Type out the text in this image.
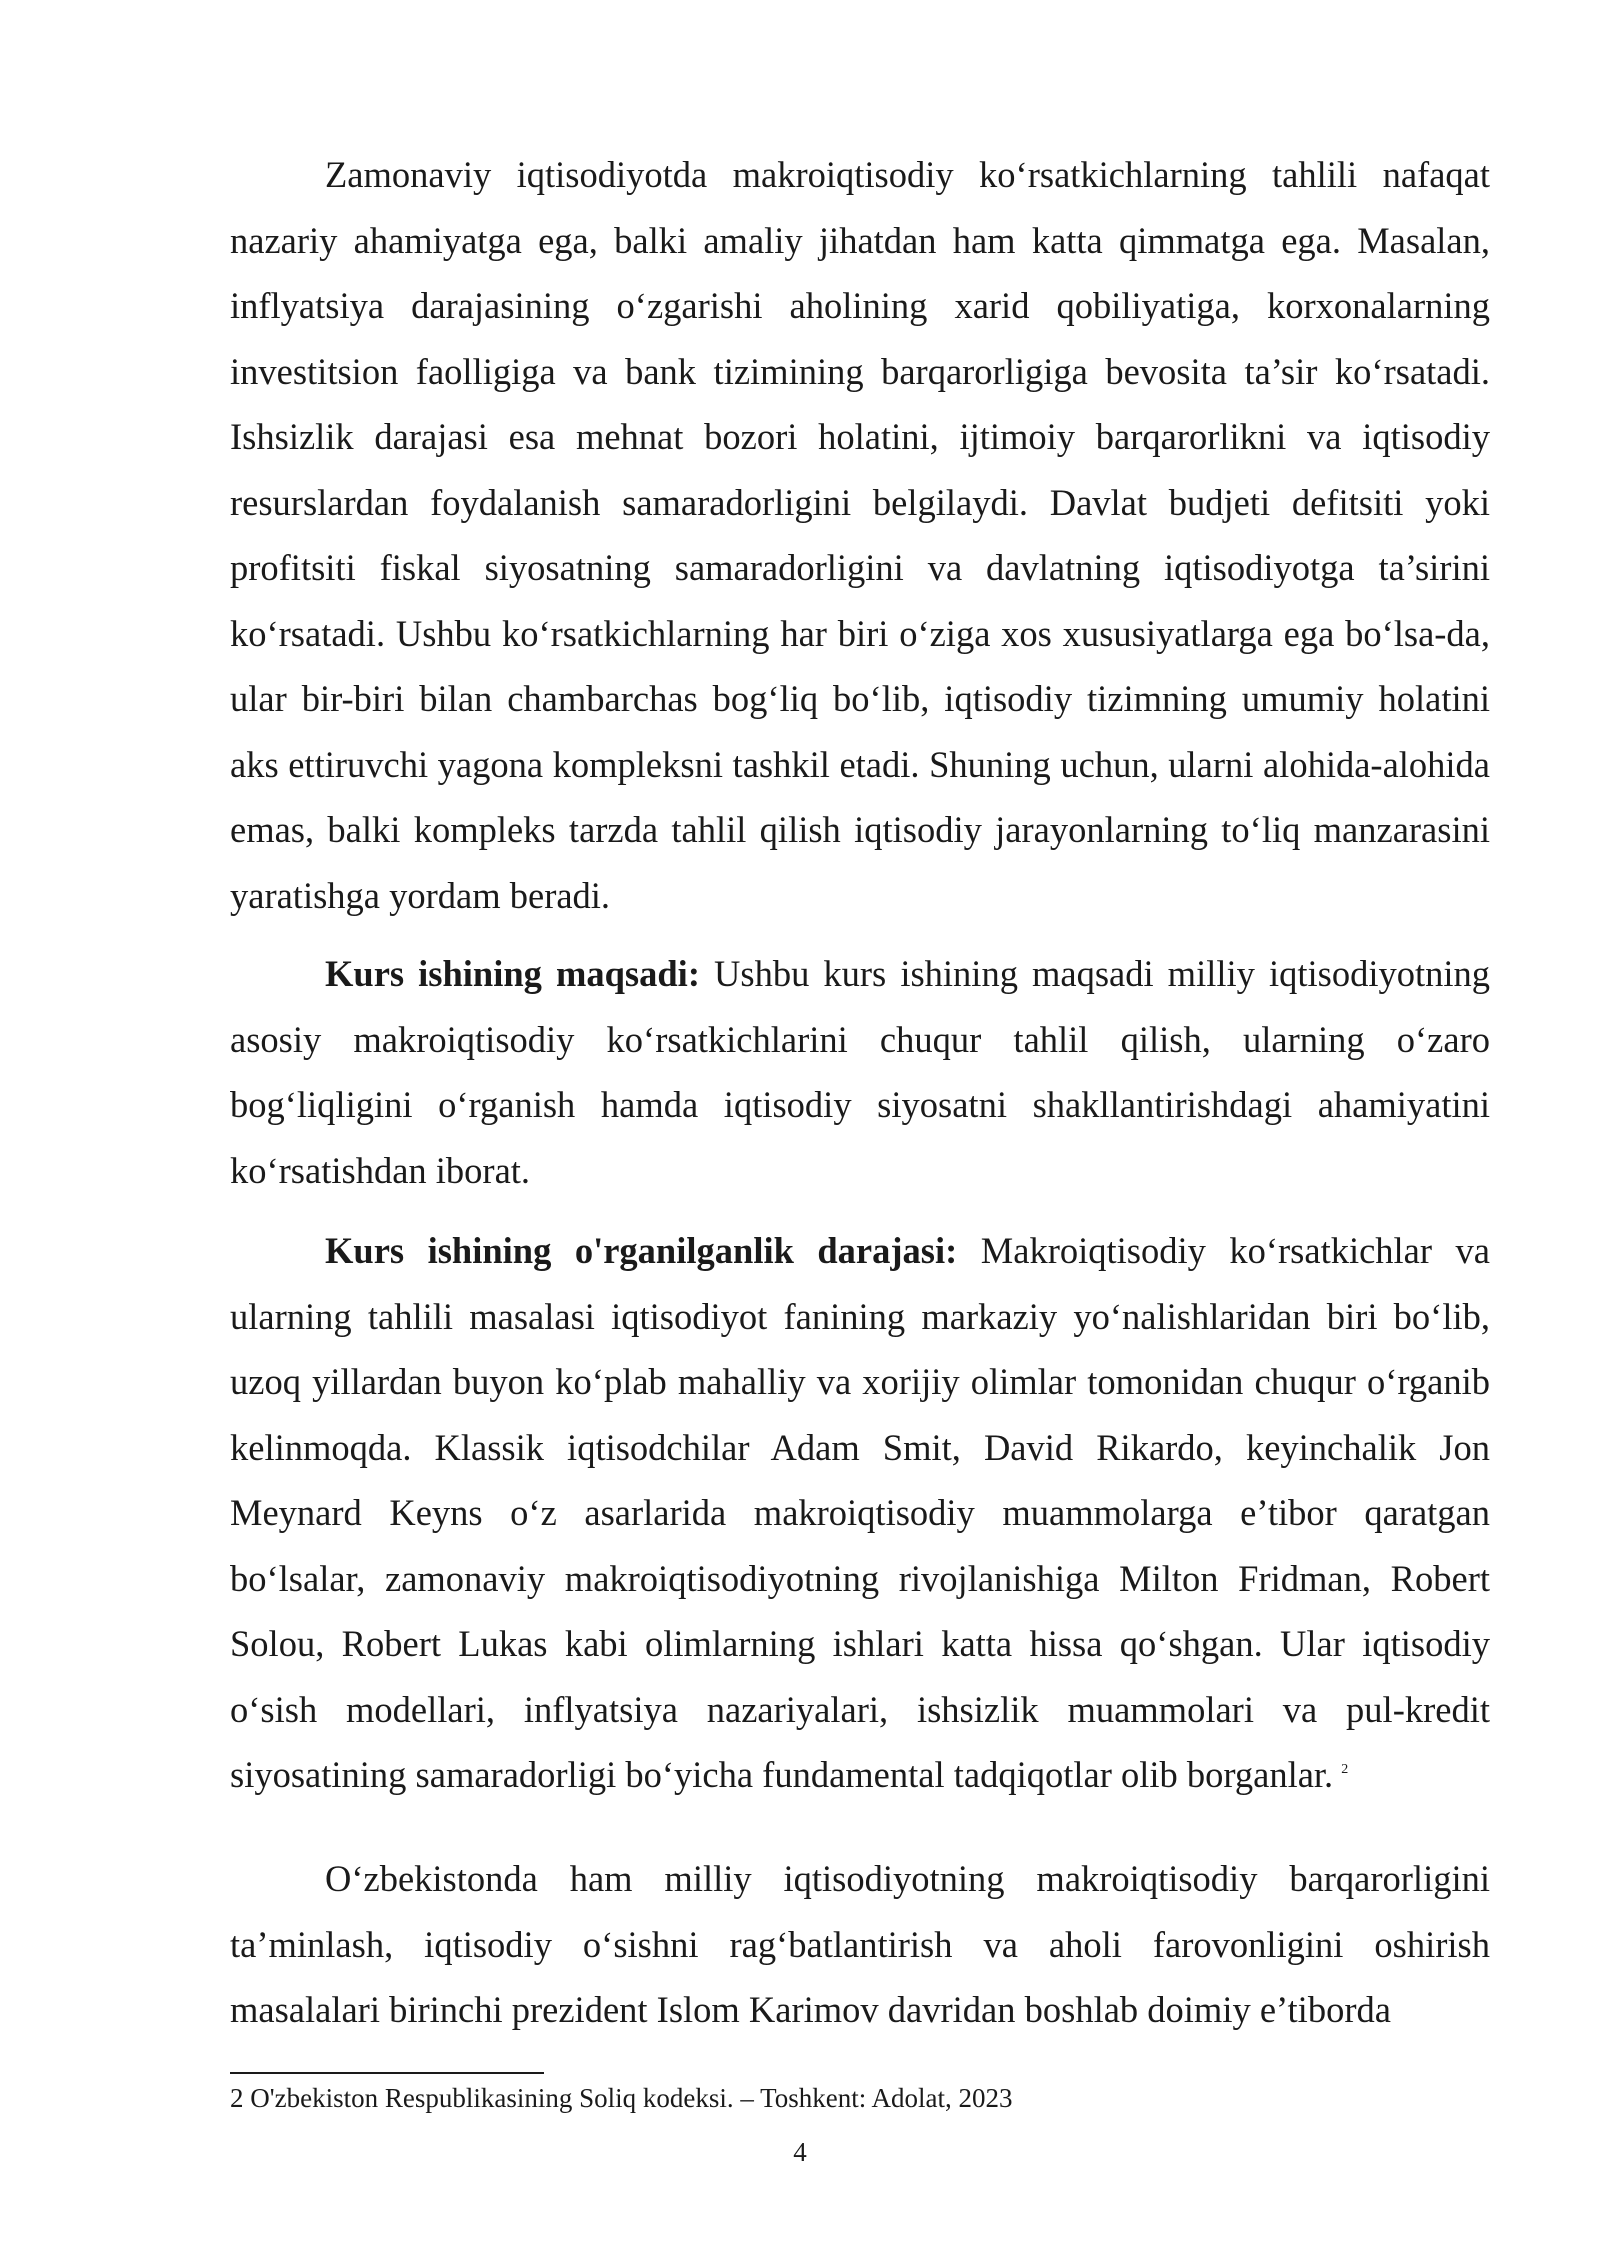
Zamonaviy iqtisodiyotda makroiqtisodiy ko‘rsatkichlarning tahlili nafaqat nazariy ahamiyatga ega, balki amaliy jihatdan ham katta qimmatga ega. Masalan, inflyatsiya darajasining o‘zgarishi aholining xarid qobiliyatiga, korxonalarning investitsion faolligiga va bank tizimining barqarorligiga bevosita ta’sir ko‘rsatadi. Ishsizlik darajasi esa mehnat bozori holatini, ijtimoiy barqarorlikni va iqtisodiy resurslardan foydalanish samaradorligini belgilaydi. Davlat budjeti defitsiti yoki profitsiti fiskal siyosatning samaradorligini va davlatning iqtisodiyotga ta’sirini ko‘rsatadi. Ushbu ko‘rsatkichlarning har biri o‘ziga xos xususiyatlarga ega bo‘lsa-da, ular bir-biri bilan chambarchas bog‘liq bo‘lib, iqtisodiy tizimning umumiy holatini aks ettiruvchi yagona kompleksni tashkil etadi. Shuning uchun, ularni alohida-alohida emas, balki kompleks tarzda tahlil qilish iqtisodiy jarayonlarning to‘liq manzarasini yaratishga yordam beradi.

Kurs ishining maqsadi: Ushbu kurs ishining maqsadi milliy iqtisodiyotning asosiy makroiqtisodiy ko‘rsatkichlarini chuqur tahlil qilish, ularning o‘zaro bog‘liqligini o‘rganish hamda iqtisodiy siyosatni shakllantirishdagi ahamiyatini ko‘rsatishdan iborat.

Kurs ishining o'rganilganlik darajasi: Makroiqtisodiy ko‘rsatkichlar va ularning tahlili masalasi iqtisodiyot fanining markaziy yo‘nalishlaridan biri bo‘lib, uzoq yillardan buyon ko‘plab mahalliy va xorijiy olimlar tomonidan chuqur o‘rganib kelinmoqda. Klassik iqtisodchilar Adam Smit, David Rikardo, keyinchalik Jon Meynard Keyns o‘z asarlarida makroiqtisodiy muammolarga e’tibor qaratgan bo‘lsalar, zamonaviy makroiqtisodiyotning rivojlanishiga Milton Fridman, Robert Solou, Robert Lukas kabi olimlarning ishlari katta hissa qo‘shgan. Ular iqtisodiy o‘sish modellari, inflyatsiya nazariyalari, ishsizlik muammolari va pul-kredit siyosatining samaradorligi bo‘yicha fundamental tadqiqotlar olib borganlar. $^2$

O‘zbekistonda ham milliy iqtisodiyotning makroiqtisodiy barqarorligini ta’minlash, iqtisodiy o‘sishni rag‘batlantirish va aholi farovonligini oshirish masalalari birinchi prezident Islom Karimov davridan boshlab doimiy e’tiborda

2 O'zbekiston Respublikasining Soliq kodeksi. – Toshkent: Adolat, 2023

4
